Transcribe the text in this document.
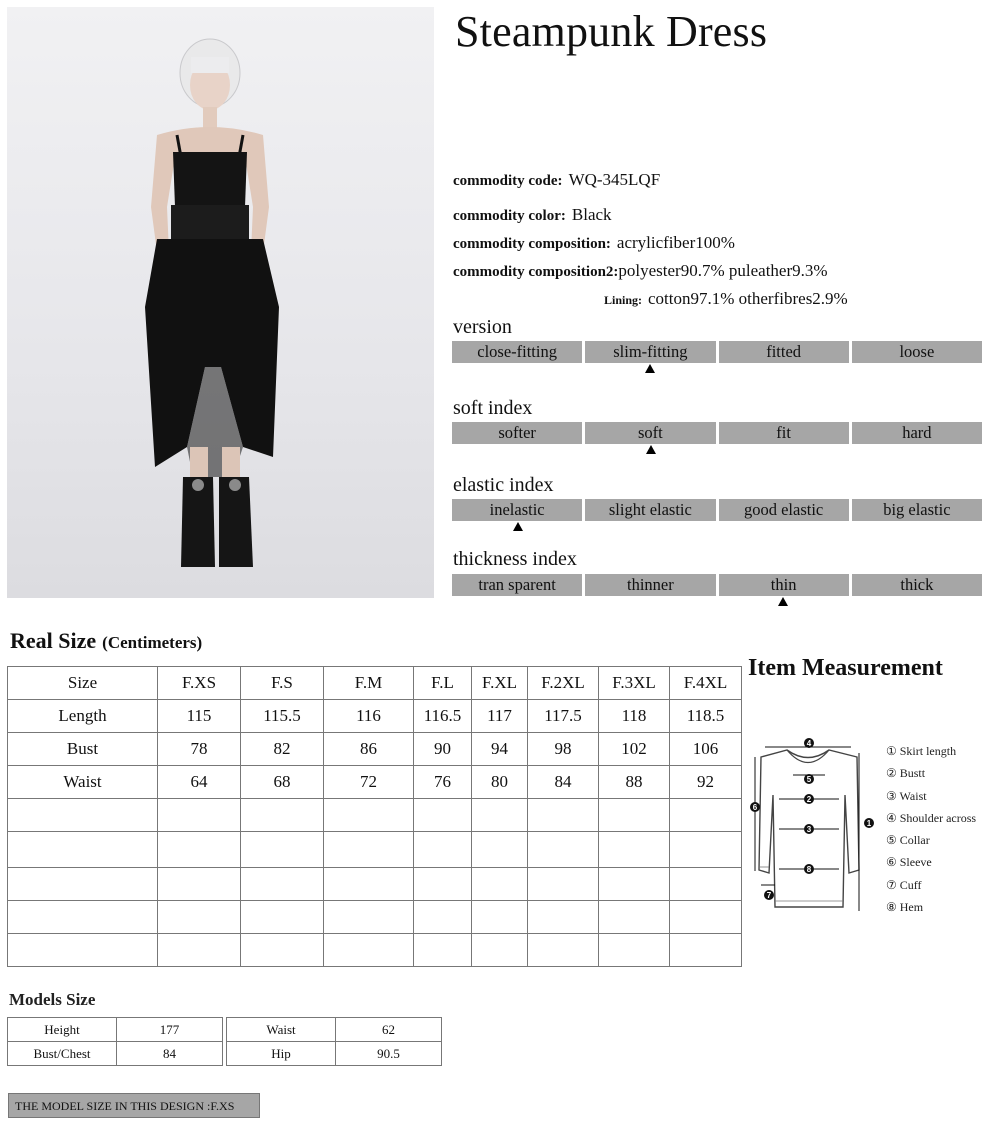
Steampunk Dress
commodity code: WQ-345LQF
commodity color: Black
commodity composition: acrylicfiber100%
commodity composition2:polyester90.7% puleather9.3%
Lining: cotton97.1% otherfibres2.9%
version
close-fitting	slim-fitting	fitted	loose
soft index
softer	soft	fit	hard
elastic index
inelastic	slight elastic	good elastic	big elastic
thickness index
tran sparent	thinner	thin	thick
Real Size (Centimeters)
Size	F.XS	F.S	F.M	F.L	F.XL	F.2XL	F.3XL	F.4XL
Length	115	115.5	116	116.5	117	117.5	118	118.5
Bust	78	82	86	90	94	98	102	106
Waist	64	68	72	76	80	84	88	92

Item Measurement
4
5
2
3
8
1
6
7
① Skirt length
② Bustt
③ Waist
④ Shoulder across
⑤ Collar
⑥ Sleeve
⑦ Cuff
⑧ Hem
Models Size
Height	177
Bust/Chest	84
Waist	62
Hip	90.5
THE MODEL SIZE IN THIS DESIGN :F.XS
